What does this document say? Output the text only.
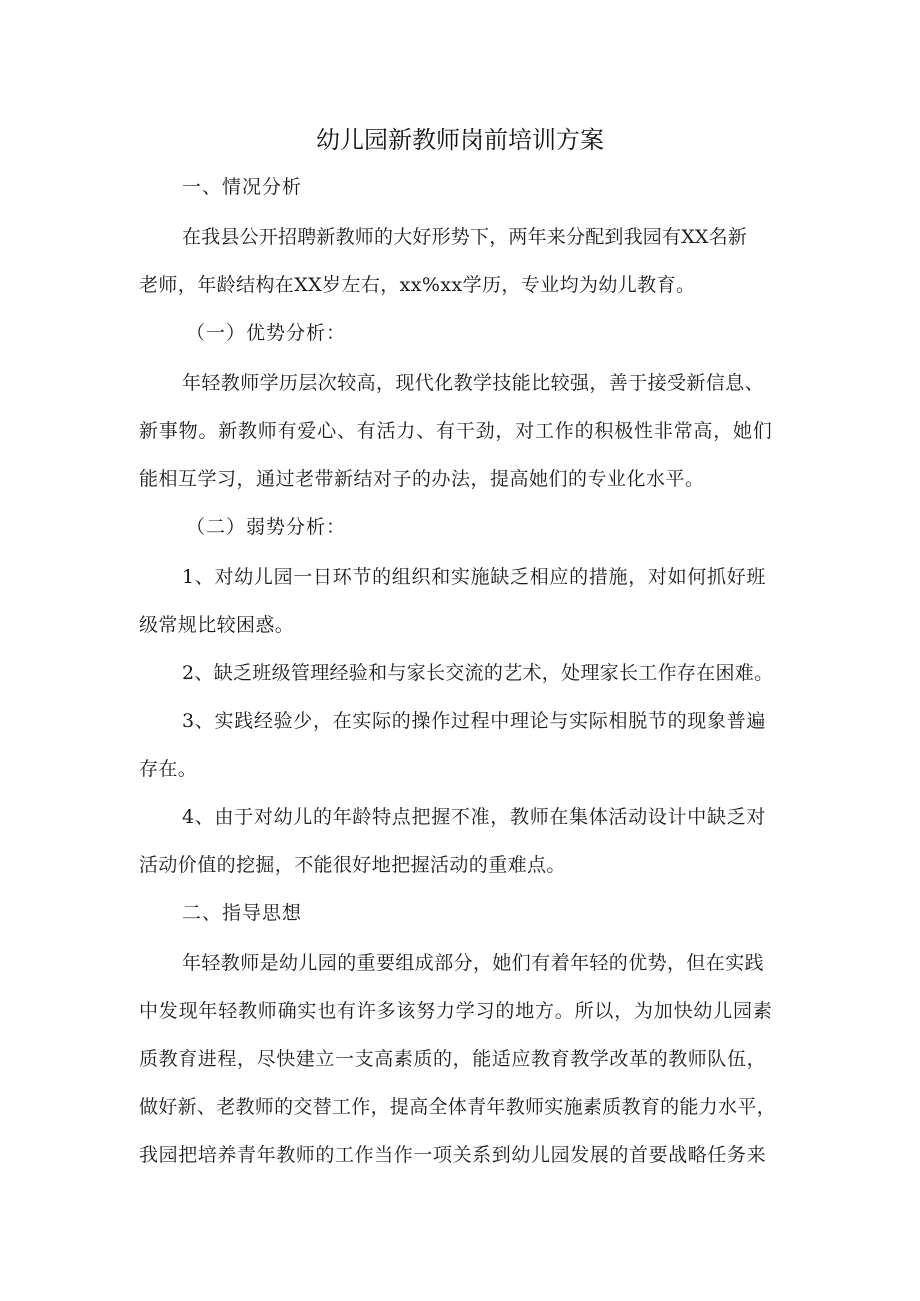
幼儿园新教师岗前培训方案
一、情况分析
在我县公开招聘新教师的大好形势下，两年来分配到我园有XX名新
老师，年龄结构在XX岁左右，xx%xx学历，专业均为幼儿教育。
（一）优势分析：
年轻教师学历层次较高，现代化教学技能比较强，善于接受新信息、
新事物。新教师有爱心、有活力、有干劲，对工作的积极性非常高，她们
能相互学习，通过老带新结对子的办法，提高她们的专业化水平。
（二）弱势分析：
1、对幼儿园一日环节的组织和实施缺乏相应的措施，对如何抓好班
级常规比较困惑。
2、缺乏班级管理经验和与家长交流的艺术，处理家长工作存在困难。
3、实践经验少，在实际的操作过程中理论与实际相脱节的现象普遍
存在。
4、由于对幼儿的年龄特点把握不准，教师在集体活动设计中缺乏对
活动价值的挖掘，不能很好地把握活动的重难点。
二、指导思想
年轻教师是幼儿园的重要组成部分，她们有着年轻的优势，但在实践
中发现年轻教师确实也有许多该努力学习的地方。所以，为加快幼儿园素
质教育进程，尽快建立一支高素质的，能适应教育教学改革的教师队伍，
做好新、老教师的交替工作，提高全体青年教师实施素质教育的能力水平，
我园把培养青年教师的工作当作一项关系到幼儿园发展的首要战略任务来
